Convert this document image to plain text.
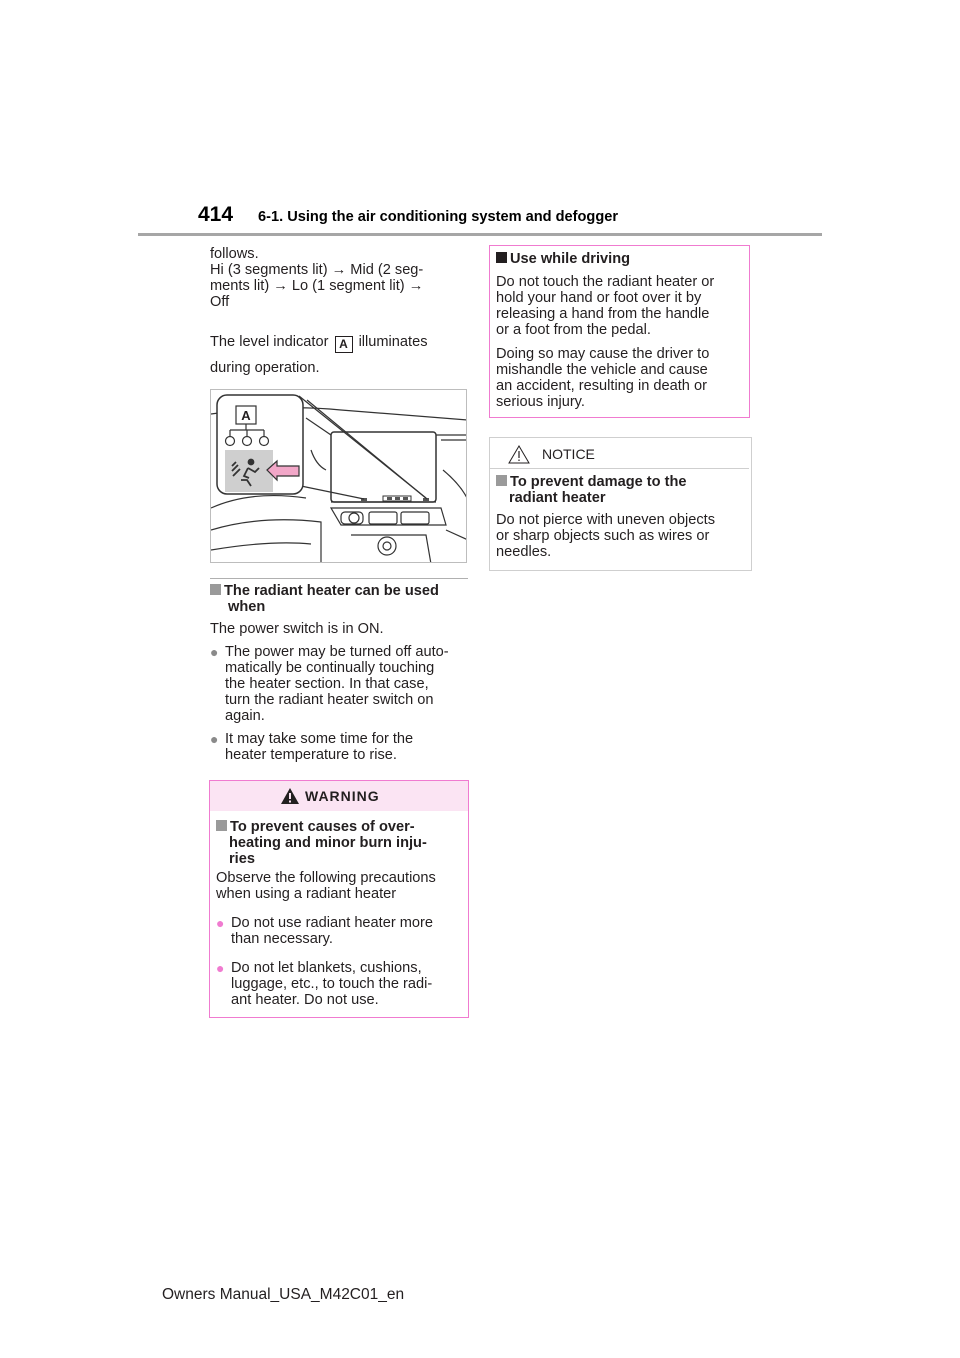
414 6-1. Using the air conditioning system and defogger
follows.
Hi (3 segments lit) → Mid (2 seg-
ments lit) → Lo (1 segment lit) →
Off
The level indicator A illuminates
during operation.
A
The radiant heater can be used
when
The power switch is in ON.
● The power may be turned off auto-
matically be continually touching
the heater section. In that case,
turn the radiant heater switch on
again.
● It may take some time for the
heater temperature to rise.
WARNING
To prevent causes of over-
heating and minor burn inju-
ries
Observe the following precautions
when using a radiant heater
● Do not use radiant heater more
than necessary.
● Do not let blankets, cushions,
luggage, etc., to touch the radi-
ant heater. Do not use.
Use while driving
Do not touch the radiant heater or
hold your hand or foot over it by
releasing a hand from the handle
or a foot from the pedal.
Doing so may cause the driver to
mishandle the vehicle and cause
an accident, resulting in death or
serious injury.
NOTICE
To prevent damage to the
radiant heater
Do not pierce with uneven objects
or sharp objects such as wires or
needles.
Owners Manual_USA_M42C01_en
